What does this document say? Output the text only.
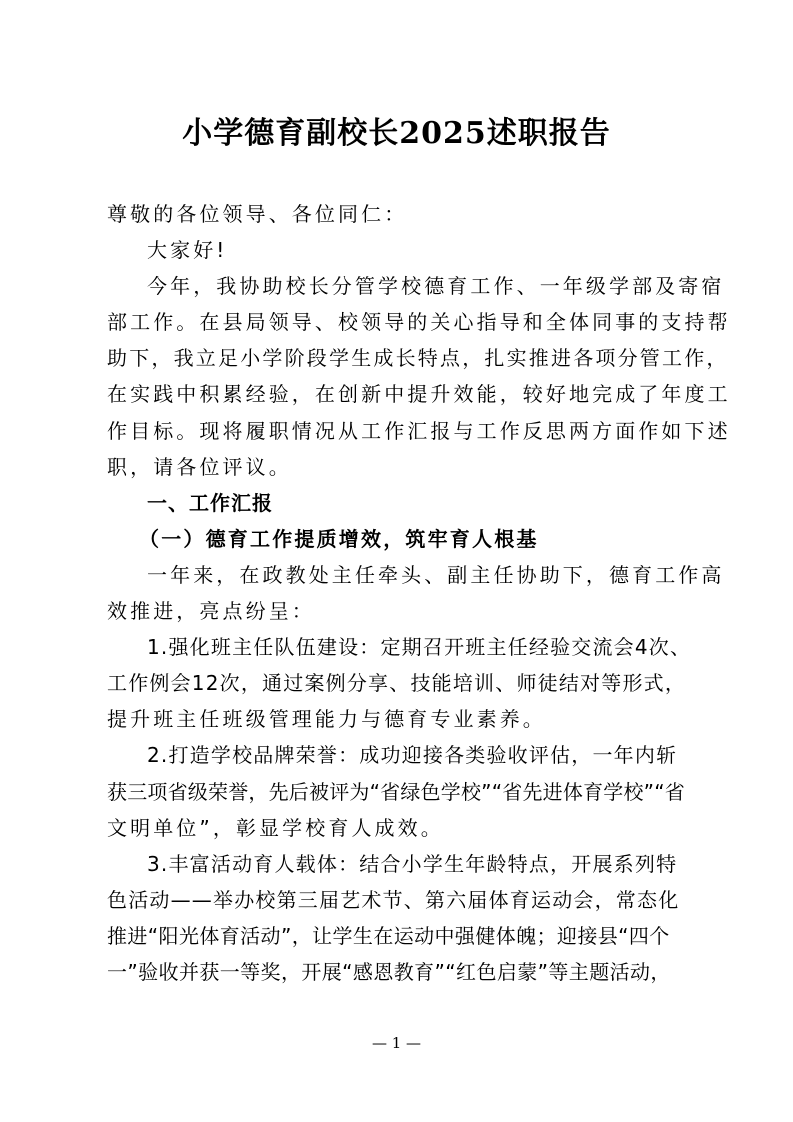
小学德育副校长2025述职报告
尊敬的各位领导、各位同仁：
大家好!
今年，我协助校长分管学校德育工作、一年级学部及寄宿
部工作。在县局领导、校领导的关心指导和全体同事的支持帮
助下，我立足小学阶段学生成长特点，扎实推进各项分管工作，
在实践中积累经验，在创新中提升效能，较好地完成了年度工
作目标。现将履职情况从工作汇报与工作反思两方面作如下述
职，请各位评议。
一、工作汇报
（一）德育工作提质增效，筑牢育人根基
一年来，在政教处主任牵头、副主任协助下，德育工作高
效推进，亮点纷呈：
1.强化班主任队伍建设：定期召开班主任经验交流会4次、
工作例会12次，通过案例分享、技能培训、师徒结对等形式，
提升班主任班级管理能力与德育专业素养。
2.打造学校品牌荣誉：成功迎接各类验收评估，一年内斩
获三项省级荣誉，先后被评为“省绿色学校”“省先进体育学校”“省
文明单位”，彰显学校育人成效。
3.丰富活动育人载体：结合小学生年龄特点，开展系列特
色活动——举办校第三届艺术节、第六届体育运动会，常态化
推进“阳光体育活动”，让学生在运动中强健体魄；迎接县“四个
一”验收并获一等奖，开展“感恩教育”“红色启蒙”等主题活动，
— 1 —
